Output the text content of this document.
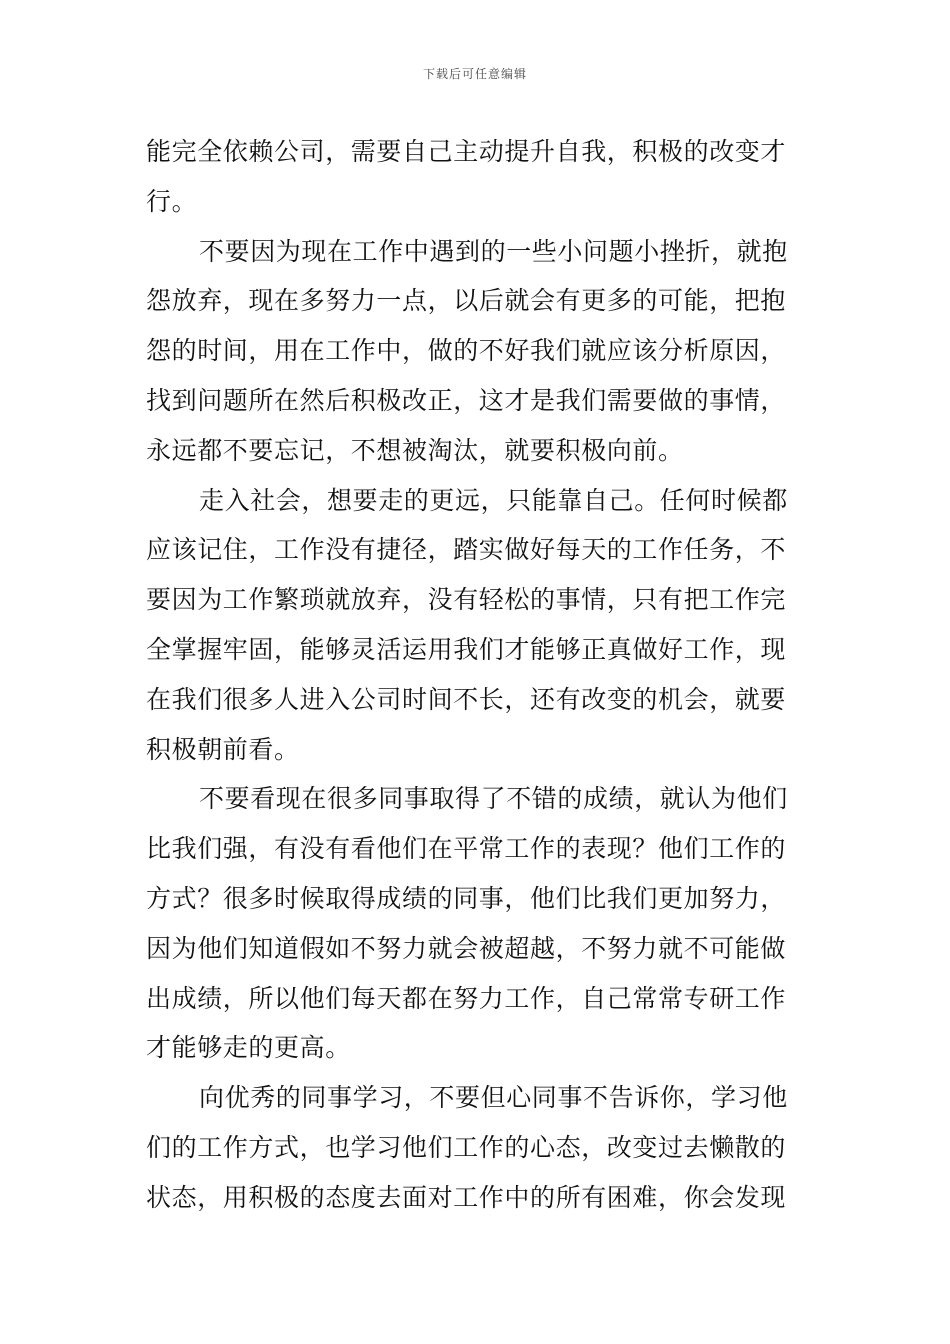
下载后可任意编辑
能完全依赖公司，需要自己主动提升自我，积极的改变才
行。
不要因为现在工作中遇到的一些小问题小挫折，就抱
怨放弃，现在多努力一点，以后就会有更多的可能，把抱
怨的时间，用在工作中，做的不好我们就应该分析原因，
找到问题所在然后积极改正，这才是我们需要做的事情，
永远都不要忘记，不想被淘汰，就要积极向前。
走入社会，想要走的更远，只能靠自己。任何时候都
应该记住，工作没有捷径，踏实做好每天的工作任务，不
要因为工作繁琐就放弃，没有轻松的事情，只有把工作完
全掌握牢固，能够灵活运用我们才能够正真做好工作，现
在我们很多人进入公司时间不长，还有改变的机会，就要
积极朝前看。
不要看现在很多同事取得了不错的成绩，就认为他们
比我们强，有没有看他们在平常工作的表现？他们工作的
方式？很多时候取得成绩的同事，他们比我们更加努力，
因为他们知道假如不努力就会被超越，不努力就不可能做
出成绩，所以他们每天都在努力工作，自己常常专研工作
才能够走的更高。
向优秀的同事学习，不要但心同事不告诉你，学习他
们的工作方式，也学习他们工作的心态，改变过去懒散的
状态，用积极的态度去面对工作中的所有困难，你会发现
